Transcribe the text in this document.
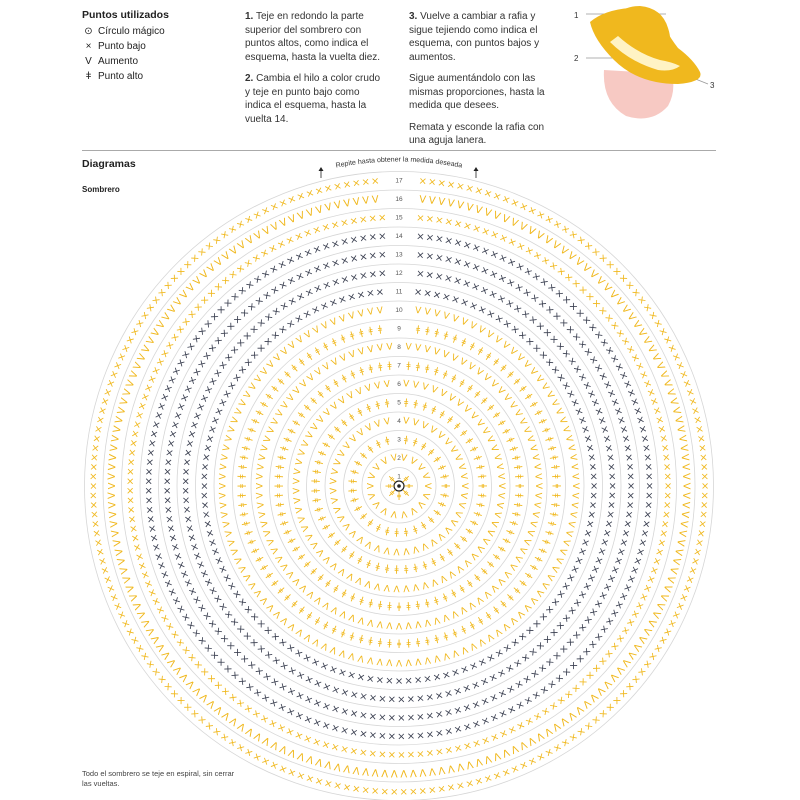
Puntos utilizados
⊙ Círculo mágico
× Punto bajo
V Aumento
ǂ Punto alto

1. Teje en redondo la parte superior del sombrero con puntos altos, como indica el esquema, hasta la vuelta diez.

2. Cambia el hilo a color crudo y teje en punto bajo como indica el esquema, hasta la vuelta 14.

3. Vuelve a cambiar a rafia y sigue tejiendo como indica el esquema, con puntos bajos y aumentos.

Sigue aumentándolo con las mismas proporciones, hasta la medida que desees.

Remata y esconde la rafia con una aguja lanera.

1
2
3
Diagramas
Sombrero
ǂ
ǂ
ǂ
ǂ
ǂ
ǂ ǂ
V
V
V
V
V
V
V
V
V
V
V
V
V V V V
V
V
ǂ
ǂ
ǂ
ǂ
ǂ
ǂ
ǂ
ǂ
ǂ
ǂ
ǂ
ǂ
ǂ
ǂ
ǂ
ǂ
ǂ
ǂ
ǂ
ǂ
ǂ ǂ ǂ ǂ ǂ ǂ
ǂ
ǂ
ǂ
ǂ
V
V
V
V
V
V
V
V
V
V
V
V
V
V
V
V
V
V
V
V
V
V
V
V
V
V
V
V
V
V V V V V V
V
V
V
V
V
V
V
ǂ
ǂ
ǂ
ǂ
ǂ
ǂ
ǂ
ǂ
ǂ
ǂ
ǂ
ǂ
ǂ
ǂ
ǂ
ǂ
ǂ
ǂ
ǂ
ǂ
ǂ
ǂ
ǂ
ǂ
ǂ
ǂ
ǂ
ǂ
ǂ
ǂ
ǂ
ǂ
ǂ
ǂ
ǂ
ǂ
ǂ ǂ ǂ ǂ ǂ ǂ ǂ ǂ ǂ ǂ
ǂ
ǂ
ǂ
ǂ
ǂ
ǂ
ǂ
ǂ
V
V
V
V
V
V
V
V
V
V
V
V
V
V
V
V
V
V
V
V
V
V
V
V
V
V
V
V
V
V
V
V
V
V
V
V
V
V
V
V
V
V
V
V
V
V
V V V V V V V V V
V
V
V
V
V
V
V
V
V
V
V
ǂ
ǂ
ǂ
ǂ
ǂ
ǂ
ǂ
ǂ
ǂ
ǂ
ǂ
ǂ
ǂ
ǂ
ǂ
ǂ
ǂ
ǂ
ǂ
ǂ
ǂ
ǂ
ǂ
ǂ
ǂ
ǂ
ǂ
ǂ
ǂ
ǂ
ǂ
ǂ
ǂ
ǂ
ǂ
ǂ
ǂ
ǂ
ǂ
ǂ
ǂ
ǂ
ǂ
ǂ
ǂ
ǂ
ǂ
ǂ
ǂ
ǂ
ǂ
ǂ
ǂ
ǂ ǂ ǂ ǂ ǂ ǂ ǂ ǂ ǂ ǂ ǂ ǂ ǂ ǂ
ǂ
ǂ
ǂ
ǂ
ǂ
ǂ
ǂ
ǂ
ǂ
ǂ
ǂ
ǂ
V
V
V
V
V
V
V
V
V
V
V
V
V
V
V
V
V
V
V
V
V
V
V
V
V
V
V
V
V
V
V
V
V
V
V
V
V
V
V
V
V
V
V
V
V
V
V
V
V
V
V
V
V
V
V
V
V
V
V
V
V
V
V
V V V V V V V V V V V V
V
V
V
V
V
V
V
V
V
V
V
V
V
V
V
V
ǂ
ǂ
ǂ
ǂ
ǂ
ǂ
ǂ
ǂ
ǂ
ǂ
ǂ
ǂ
ǂ
ǂ
ǂ
ǂ
ǂ
ǂ
ǂ
ǂ
ǂ
ǂ
ǂ
ǂ
ǂ
ǂ
ǂ
ǂ
ǂ
ǂ
ǂ
ǂ
ǂ
ǂ
ǂ
ǂ
ǂ
ǂ
ǂ
ǂ
ǂ
ǂ
ǂ
ǂ
ǂ
ǂ
ǂ
ǂ
ǂ
ǂ
ǂ
ǂ
ǂ
ǂ
ǂ
ǂ
ǂ
ǂ
ǂ
ǂ
ǂ
ǂ
ǂ
ǂ
ǂ
ǂ
ǂ
ǂ
ǂ ǂ ǂ ǂ ǂ ǂ ǂ ǂ ǂ	ǂ ǂ ǂ ǂ ǂ ǂ ǂ ǂ ǂ
ǂ
ǂ
ǂ
ǂ
ǂ
ǂ
ǂ
ǂ
ǂ
ǂ
ǂ
ǂ
ǂ
ǂ
ǂ
V
V
V
V
V
V
V
V
V
V
V
V
V
V
V
V
V
V
V
V
V
V
V
V
V
V
V
V
V
V
V
V
V
V
V
V
V
V
V
V
V
V
V
V
V
V
V
V
V
V
V
V
V
V
V
V
V
V
V
V
V
V
V
V
V
V
V
V
V
V
V
V
V
V
V
V
V
V
V
V V V V V V V	V V V V V V V
V
V
V
V
V
V
V
V
V
V
V
V
V
V
V
V
V
V
V
V
×
×
×
×
×
×
×
×
×
×
×
×
×
×
×
×
×
×
×
×
×
×
×
×
×
×
×
×
×
×
×
×
×
×
×
×
×
×
×
×
×
×
×
×
×
×
×
×
×
×
×
×
×
×
×
×
×
×
×
×
×
×
×
×
×
×
×
×
×
×
×
×
×
×
×
×
×
×
×
×
×
×
×
×
×
×
×
×
×
×
×
×
× × ×	× × ×
×
×
×
×
×
×
×
×
×
×
×
×
×
×
×
×
×
×
×
×
×
×
×
×
×
×
×
×
×
×
×
×
×
×
×
×
×
×
×
×
×
×
×
×
×
×
×
×
×
×
×
×
×
×
×
×
×
×
×
×
×
×
×
×
×
×
×
×
×
×
×
×
×
×
×
×
×
×
×
×
×
×
×
×
×
×
×
×
×
×
×
×
×
×
×
×
×
×
×
×
×
×
×
×
×
×
×
×
×
×
×
×
×
×
×
×
×
×
×
×
×
×
×
×
×
×
×
×
× × × ×	× × ×
×
×
×
×
×
×
×
×
×
×
×
×
×
×
×
×
×
×
×
×
×
×
×
×
×
×
×
×
×
×
×
×
×
×
×
×
×
×
×
×
×
×
×
×
×
×
×
×
×
×
×
×
×
×
×
×
×
×
×
×
×
×
×
×
×
×
×
×
×
×
×
×
×
×
×
×
×
×
×
×
×
×
×
×
×
×
×
×
×
×
×
×
×
×
×
×
×
×
×
×
×
×
×
×
×
×
×
×
×
×
×
×
×
×
×
×
×
×
×
×
×
×
×
×
×
×
×
×
×
×
×
×
×
×
×
×
×
×
×
×
× × × ×	× × ×
×
×
×
×
×
×
×
×
×
×
×
×
×
×
×
×
×
×
×
×
×
×
×
×
×
×
×
×
×
×
×
×
×
×
×
×
×
×
×
×
×
×
×
×
×
×
×
×
×
×
×
×
×
×
×
×
×
×
×
×
×
×
×
×
×
×
×
×
×
×
×
×
×
×
×
×
×
×
×
×
×
×
×
×
×
×
×
×
×
×
×
×
×
×
×
×
×
×
×
×
×
×
×
×
×
×
×
×
×
×
×
×
×
×
×
×
×
×
×
×
×
×
×
×
×
×
×
×
×
×
×
×
×
×
×
×
×
×
×
×
×
×
×
×
×
×
×
×
×
×
×
×
× × × ×	× × × ×
×
×
×
×
×
×
×
×
×
×
×
×
×
×
×
×
×
×
×
×
×
×
×
×
×
×
×
×
×
×
×
×
×
×
×
×
×
×
×
×
×
×
×
×
×
×
×
×
×
×
×
×
×
×
×
×
×
×
×
×
×
×
×
×
×
×
×
×
×
×
×
×
×
×
×
×
×
×
×
×
×
×
×
×
×
×
×
×
×
×
×
×
×
×
×
×
×
×
×
×
×
×
×
×
×
×
×
×
×
×
×
×
×
×
×
×
×
×
×
×
×
×
×
×
×
×
×
×
×
×
×
×
×
×
×
×
×
×
×
×
×
×
×
×
×
×
×
×
×
×
×
×
×
×
×
×
×
×
×
×
×
×
× × × × ×	× × × ×
×
×
×
×
×
×
×
×
×
×
×
×
×
×
×
×
×
×
×
×
×
×
×
×
×
×
×
×
×
×
×
×
×
×
×
×
×
×
V
V
V
V
V
V
V
V
V
V
V
V
V
V
V
V
V
V
V
V
V
V
V
V
V
V
V
V
V
V
V
V
V
V
V
V
V
V
V
V
V
V
V
V
V
V
V
V
V
V
V
V
V
V
V
V
V
V
V
V
V
V
V
V
V
V
V
V
V
V
V
V
V
V
V
V
V
V
V
V
V
V
V
V
V
V
V
V
V
V
V
V
V
V
V
V
V
V
V
V
V
V
V
V
V
V
V
V
V
V
V
V
V
V
V
V
V
V
V
V
V
V
V
V
V
V
V
V
V
V
V
V
V
V V V V V V V V	V V V V V V V V
V
V
V
V
V
V
V
V
V
V
V
V
V
V
V
V
V
V
V
V
V
V
V
V
V
V
V
V
V
V
V
V
V
V
V
V
V
×
×
×
×
×
×
×
×
×
×
×
×
×
×
×
×
×
×
×
×
×
×
×
×
×
×
×
×
×
×
×
×
×
×
×
×
×
×
×
×
×
×
×
×
×
×
×
×
×
×
×
×
×
×
×
×
×
×
×
×
×
×
×
×
×
×
×
×
×
×
×
×
×
×
×
×
×
×
×
×
×
×
×
×
×
×
×
×
×
×
×
×
×
×
×
×
×
×
×
×
×
×
×
×
×
×
×
×
×
×
×
×
×
×
×
×
×
×
×
×
×
×
×
×
×
×
×
×
×
×
×
×
×
×
×
×
×
×
×
×
×
×
×
×
×
× × × × ×	× × × × ×
×
×
×
×
×
×
×
×
×
×
×
×
×
×
×
×
×
×
×
×
×
×
×
×
×
×
×
×
×
×
×
×
×
×
×
×
×
×
×
×
×
×
×
1
2
3
4
5
6
7
8
9
10
11
12
13
14
15
16
17
Repite hasta obtener la medida deseada
Todo el sombrero se teje en espiral, sin cerrar las vueltas.
